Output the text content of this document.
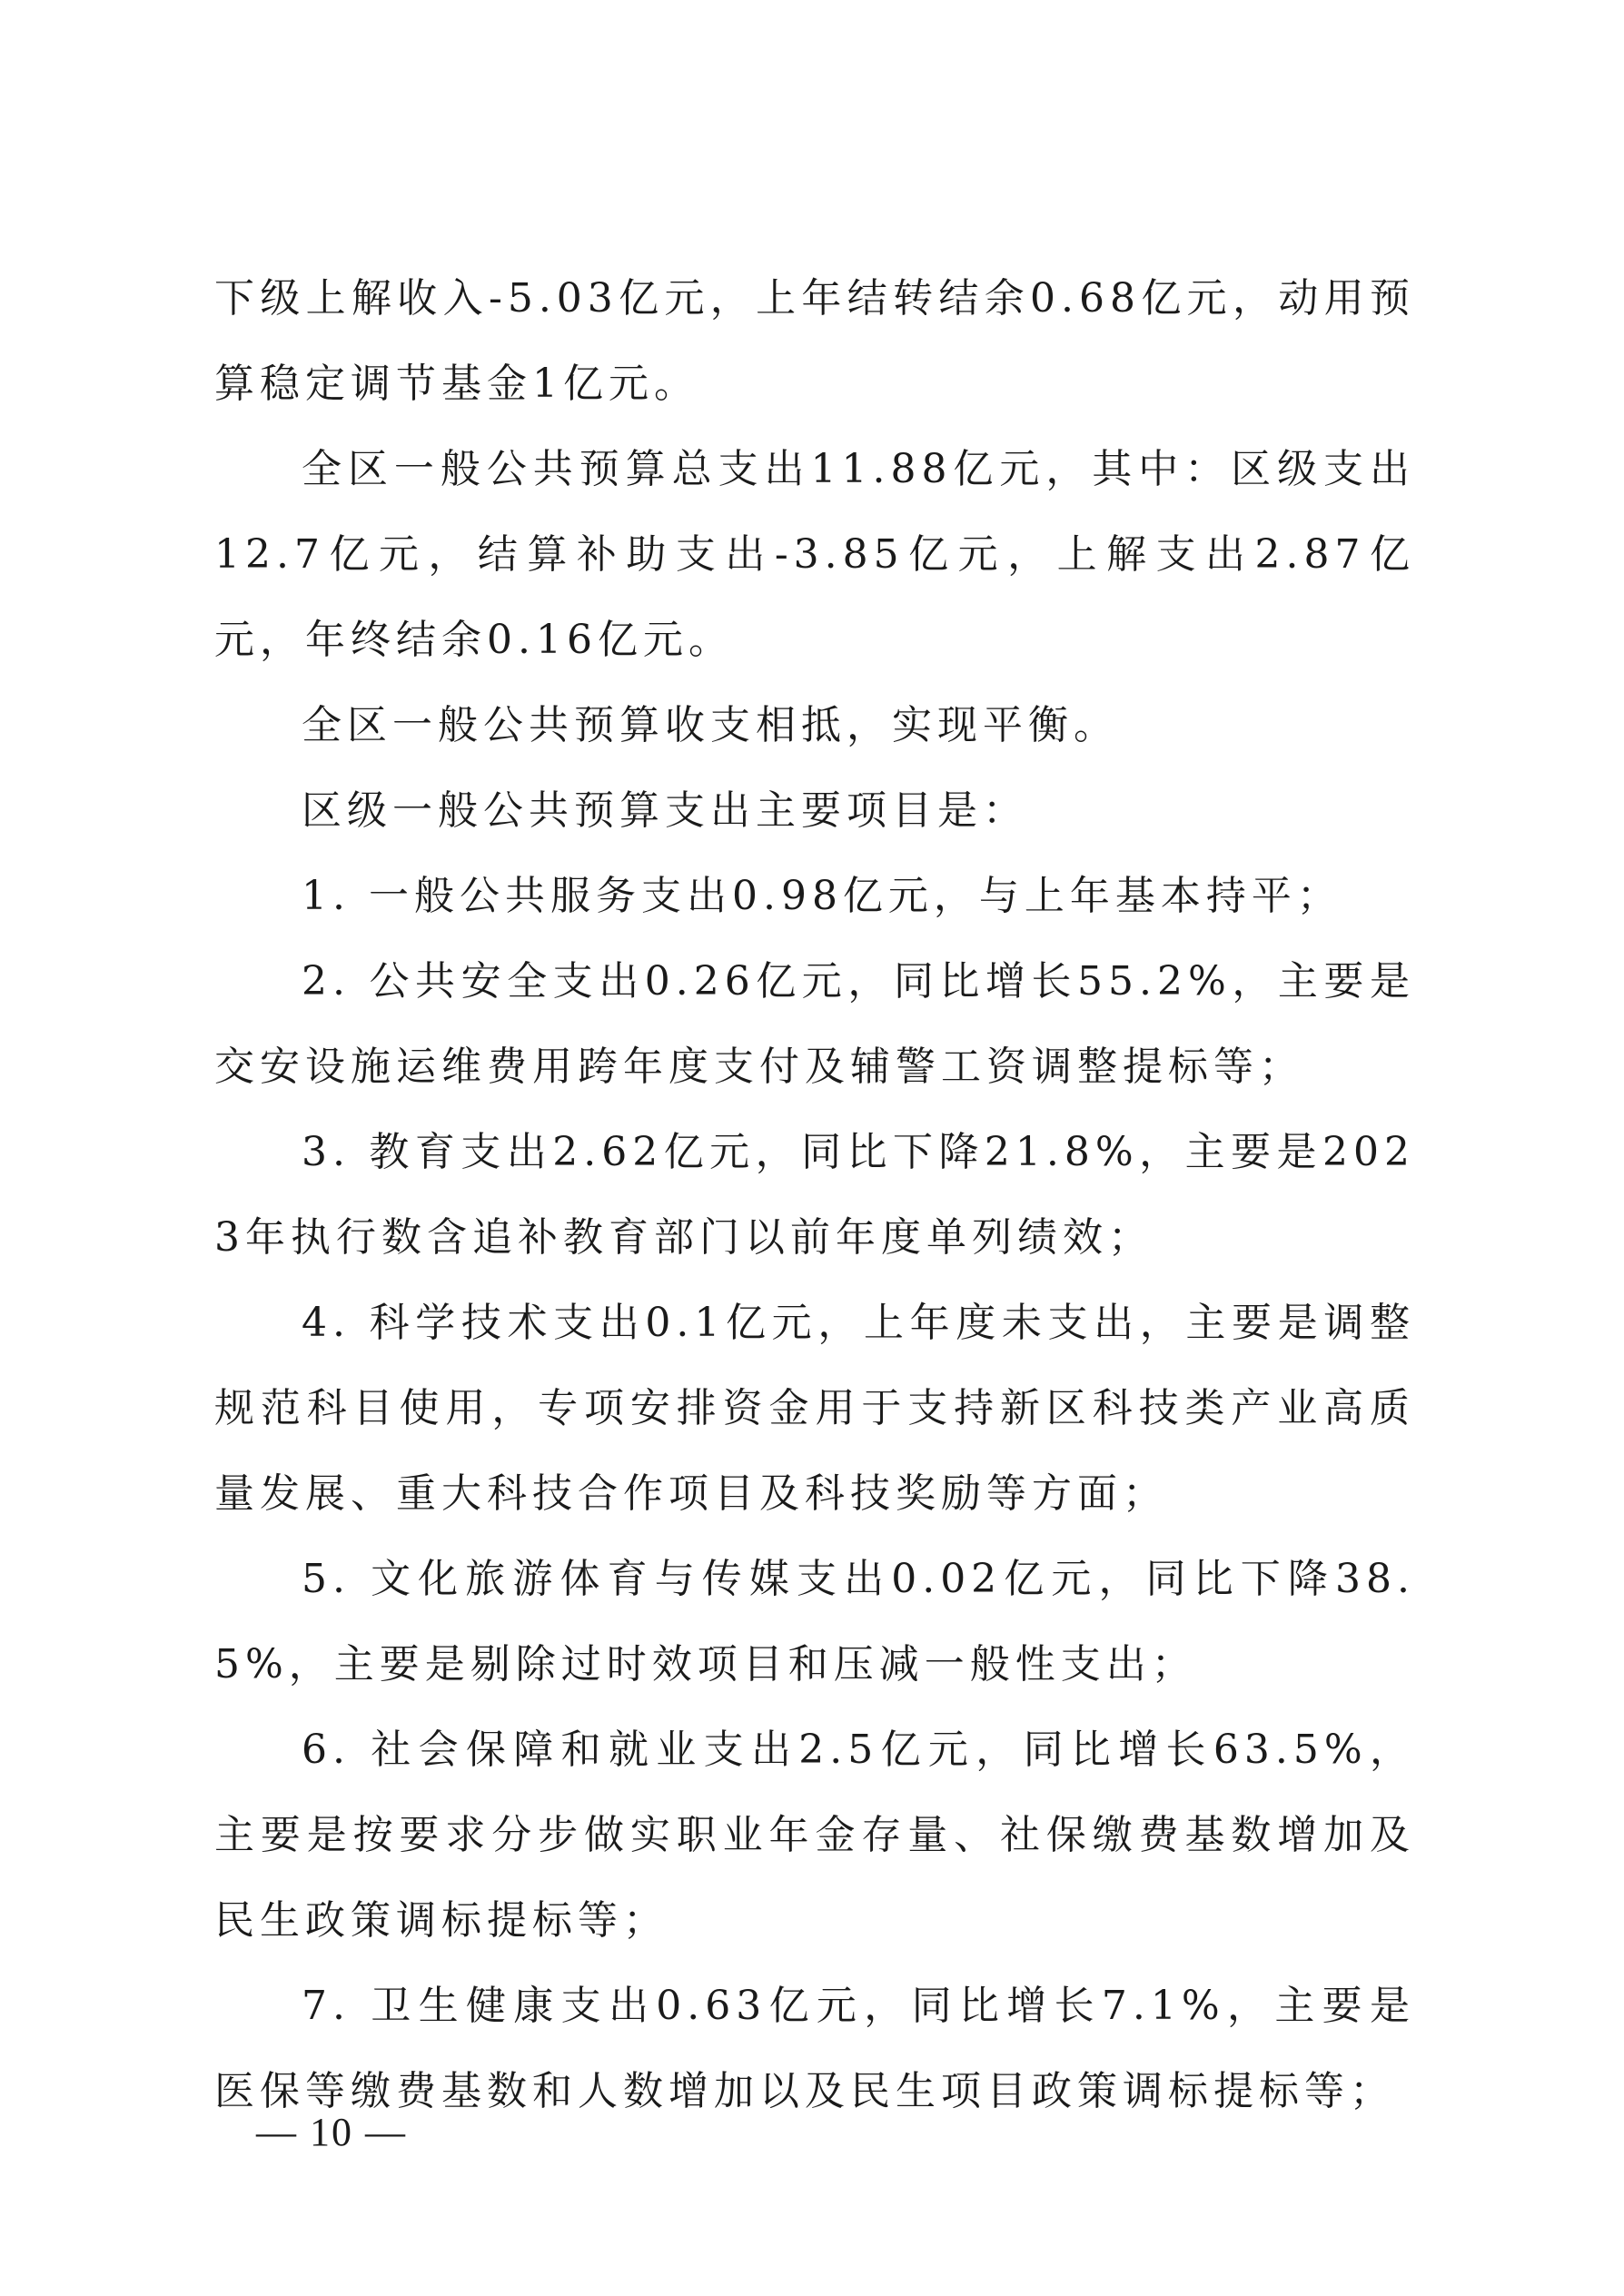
下级上解收入-5.03亿元，上年结转结余0.68亿元，动用预算稳定调节基金1亿元。

全区一般公共预算总支出11.88亿元，其中：区级支出12.7亿元，结算补助支出-3.85亿元，上解支出2.87亿元，年终结余0.16亿元。

全区一般公共预算收支相抵，实现平衡。

区级一般公共预算支出主要项目是：

1. 一般公共服务支出0.98亿元，与上年基本持平；

2. 公共安全支出0.26亿元，同比增长55.2%，主要是交安设施运维费用跨年度支付及辅警工资调整提标等；

3. 教育支出2.62亿元，同比下降21.8%，主要是2023年执行数含追补教育部门以前年度单列绩效；

4. 科学技术支出0.1亿元，上年度未支出，主要是调整规范科目使用，专项安排资金用于支持新区科技类产业高质量发展、重大科技合作项目及科技奖励等方面；

5. 文化旅游体育与传媒支出0.02亿元，同比下降38.5%，主要是剔除过时效项目和压减一般性支出；

6. 社会保障和就业支出2.5亿元，同比增长63.5%，主要是按要求分步做实职业年金存量、社保缴费基数增加及民生政策调标提标等；

7. 卫生健康支出0.63亿元，同比增长7.1%，主要是医保等缴费基数和人数增加以及民生项目政策调标提标等；

— 10 —
